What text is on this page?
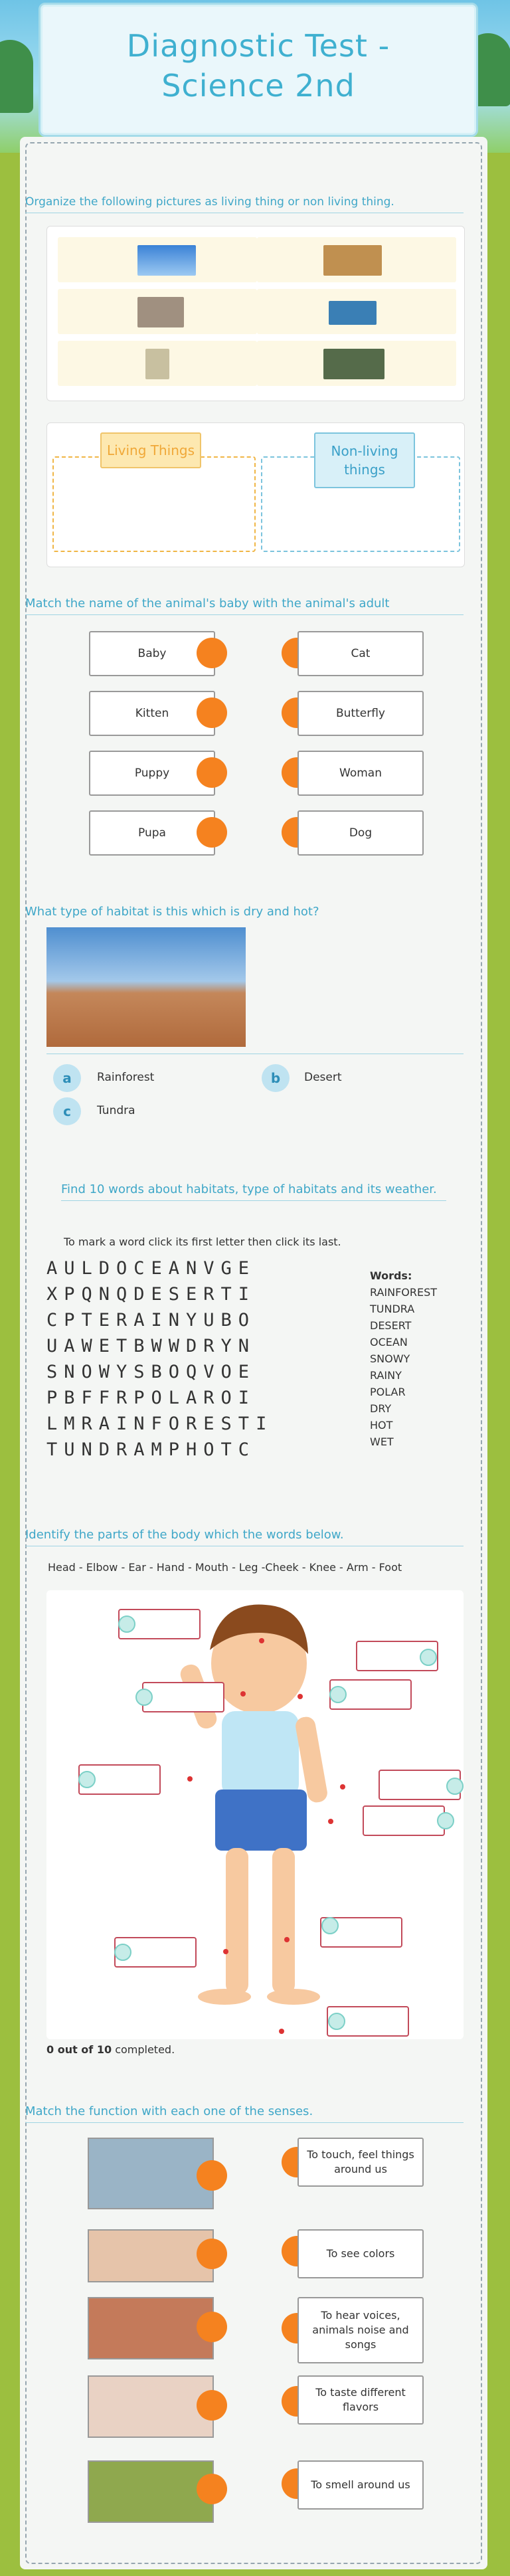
Diagnostic Test - Science 2nd
Organize the following pictures as living thing or non living thing.
Living Things	Non-living things
Match the name of the animal's baby with the animal's adult
Baby
Kitten
Puppy
Pupa
Cat
Butterfly
Woman
Dog
What type of habitat is this which is dry and hot?
a	Rainforest	b	Desert
c	Tundra
Find 10 words about habitats, type of habitats and its weather.
To mark a word click its first letter then click its last.
AULDOCEANVGE
XPQNQDESERTI
CPTERAINYUBO
UAWETBWWDRYN
SNOWYSBOQVOE
PBFFRPOLAROI
LMRAINFORESTI
TUNDRAMPHOTC
Words:
RAINFOREST
TUNDRA
DESERT
OCEAN
SNOWY
RAINY
POLAR
DRY
HOT
WET
Identify the parts of the body which the words below.
Head - Elbow - Ear - Hand - Mouth - Leg -Cheek - Knee - Arm - Foot
0 out of 10 completed.
Match the function with each one of the senses.
To touch, feel things around us
To see colors
To hear voices, animals noise and songs
To taste different flavors
To smell around us
